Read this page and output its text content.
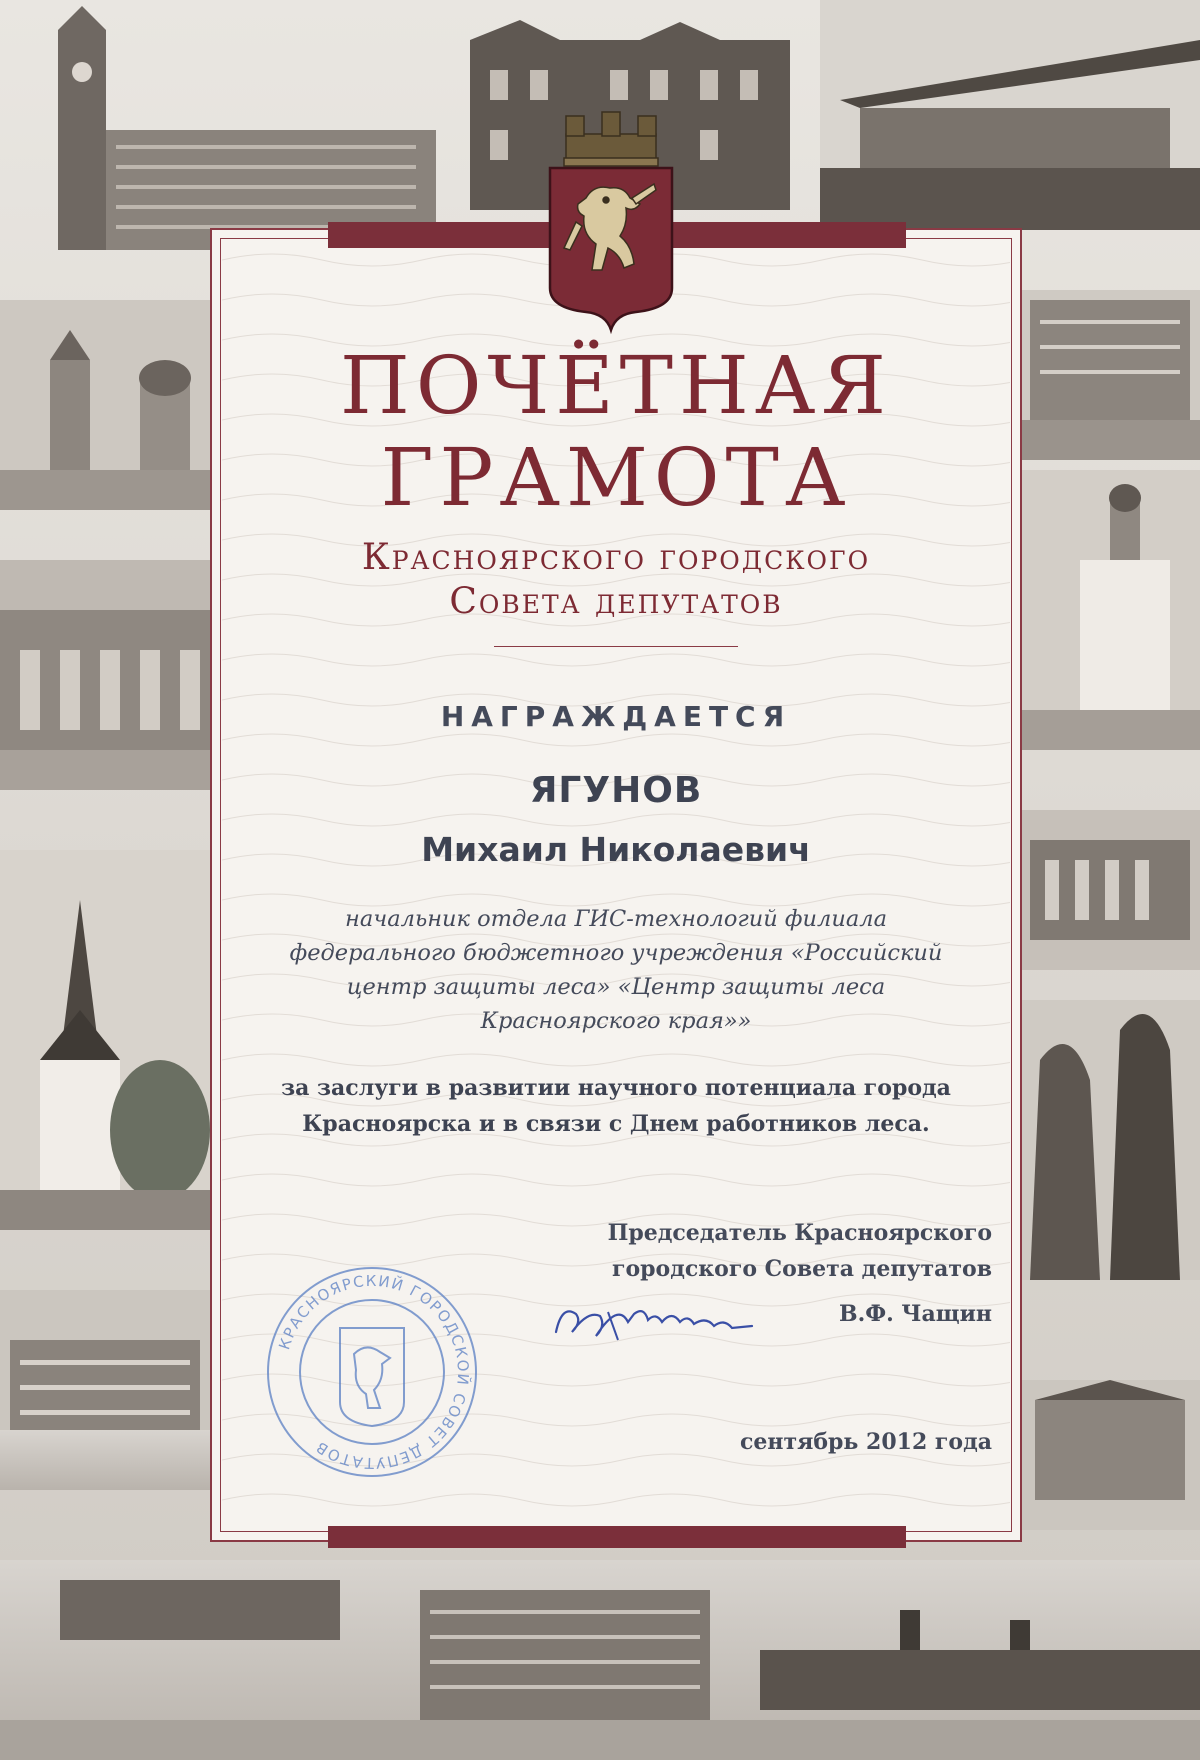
ПОЧЁТНАЯ
ГРАМОТА
Красноярского городского
Совета депутатов
НАГРАЖДАЕТСЯ
ЯГУНОВ
Михаил Николаевич
начальник отдела ГИС-технологий филиала
федерального бюджетного учреждения «Российский
центр защиты леса» «Центр защиты леса
Красноярского края»»
за заслуги в развитии научного потенциала города
Красноярска и в связи с Днем работников леса.
Председатель Красноярского
городского Совета депутатов
В.Ф. Чащин
сентябрь 2012 года
КРАСНОЯРСКИЙ ГОРОДСКОЙ СОВЕТ ДЕПУТАТОВ
